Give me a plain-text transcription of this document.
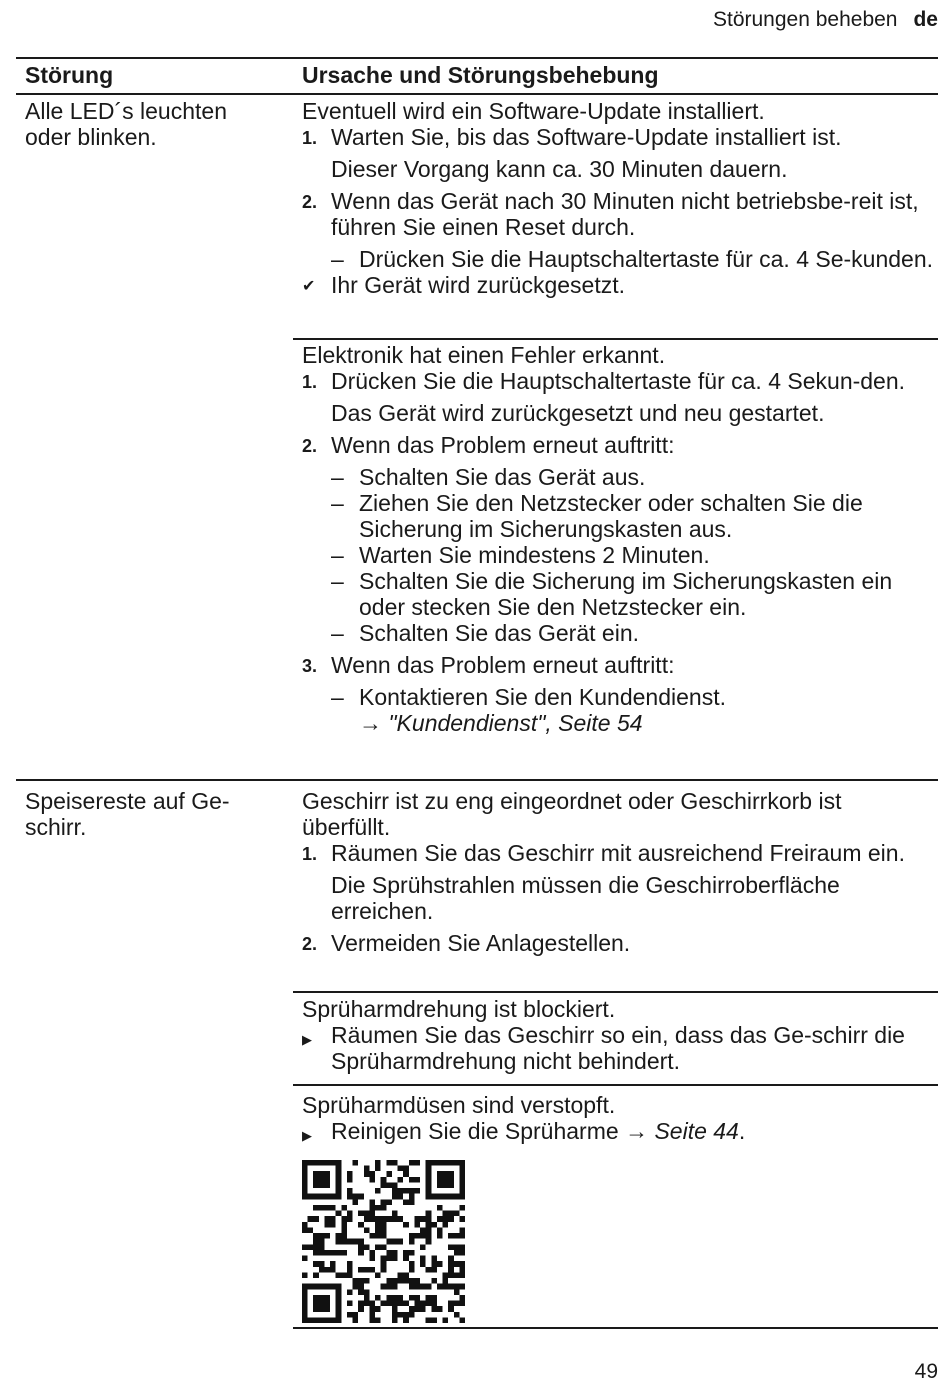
Störungen beheben de
Störung	Ursache und Störungsbehebung
Alle LED´s leuchten oder blinken.

Eventuell wird ein Software-Update installiert.

1. Warten Sie, bis das Software-Update installiert ist.

Dieser Vorgang kann ca. 30 Minuten dauern.

2. Wenn das Gerät nach 30 Minuten nicht betriebsbe-reit ist, führen Sie einen Reset durch.

– Drücken Sie die Hauptschaltertaste für ca. 4 Se-kunden.

✔ Ihr Gerät wird zurückgesetzt.

Elektronik hat einen Fehler erkannt.

1. Drücken Sie die Hauptschaltertaste für ca. 4 Sekun-den.

Das Gerät wird zurückgesetzt und neu gestartet.

2. Wenn das Problem erneut auftritt:

– Schalten Sie das Gerät aus.

– Ziehen Sie den Netzstecker oder schalten Sie die Sicherung im Sicherungskasten aus.

– Warten Sie mindestens 2 Minuten.

– Schalten Sie die Sicherung im Sicherungskasten ein oder stecken Sie den Netzstecker ein.

– Schalten Sie das Gerät ein.

3. Wenn das Problem erneut auftritt:

– Kontaktieren Sie den Kundendienst.

→ "Kundendienst", Seite 54

Speisereste auf Ge-schirr.

Geschirr ist zu eng eingeordnet oder Geschirrkorb ist überfüllt.

1. Räumen Sie das Geschirr mit ausreichend Freiraum ein.

Die Sprühstrahlen müssen die Geschirroberfläche erreichen.

2. Vermeiden Sie Anlagestellen.

Sprüharmdrehung ist blockiert.

▶ Räumen Sie das Geschirr so ein, dass das Ge-schirr die Sprüharmdrehung nicht behindert.

Sprüharmdüsen sind verstopft.

▶ Reinigen Sie die Sprüharme → Seite 44.

49
